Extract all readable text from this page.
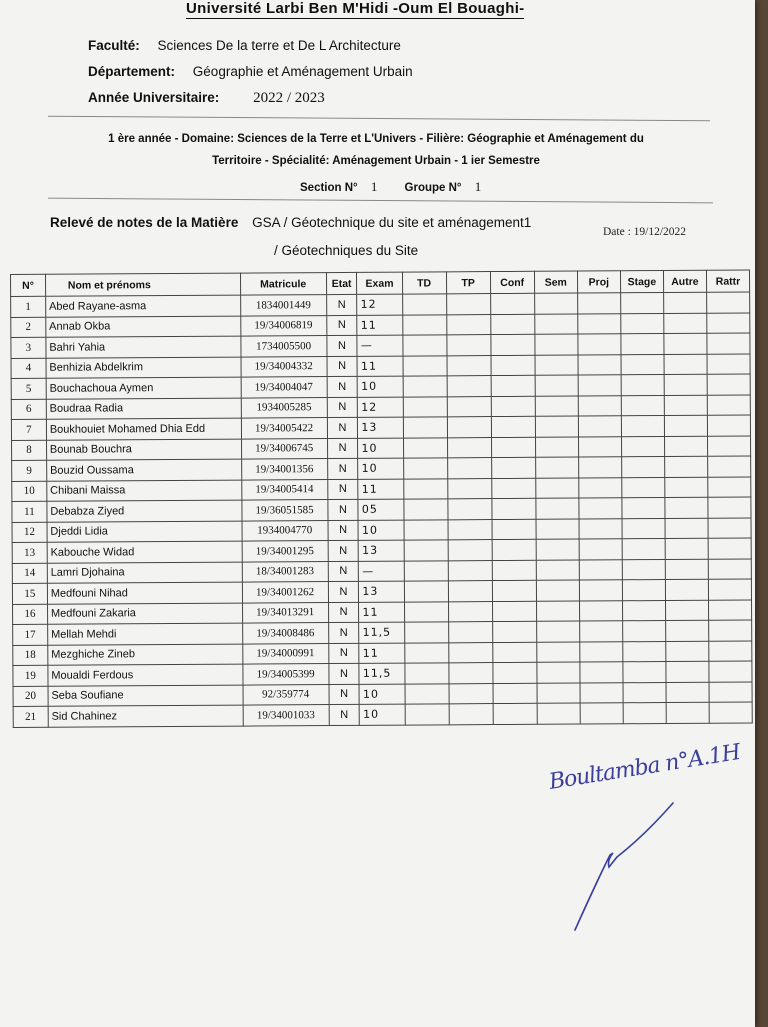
Université Larbi Ben M'Hidi -Oum El Bouaghi-
Faculté: Sciences De la terre et De L Architecture
Département: Géographie et Aménagement Urbain
Année Universitaire: 2022 / 2023
1 ère année - Domaine: Sciences de la Terre et L'Univers - Filière: Géographie et Aménagement du
Territoire - Spécialité: Aménagement Urbain - 1 ier Semestre
Section N° 1 Groupe N° 1
Relevé de notes de la Matière GSA / Géotechnique du site et aménagement1
Date : 19/12/2022
/ Géotechniques du Site
N°	Nom et prénoms	Matricule	Etat	Exam	TD	TP	Conf	Sem	Proj	Stage	Autre	Rattr
1	Abed Rayane-asma	1834001449	N	12								
2	Annab Okba	19/34006819	N	11								
3	Bahri Yahia	1734005500	N	—								
4	Benhizia Abdelkrim	19/34004332	N	11								
5	Bouchachoua Aymen	19/34004047	N	10								
6	Boudraa Radia	1934005285	N	12								
7	Boukhouiet Mohamed Dhia Edd	19/34005422	N	13								
8	Bounab Bouchra	19/34006745	N	10								
9	Bouzid Oussama	19/34001356	N	10								
10	Chibani Maissa	19/34005414	N	11								
11	Debabza Ziyed	19/36051585	N	05								
12	Djeddi Lidia	1934004770	N	10								
13	Kabouche Widad	19/34001295	N	13								
14	Lamri Djohaina	18/34001283	N	—								
15	Medfouni Nihad	19/34001262	N	13								
16	Medfouni Zakaria	19/34013291	N	11								
17	Mellah Mehdi	19/34008486	N	11,5								
18	Mezghiche Zineb	19/34000991	N	11								
19	Moualdi Ferdous	19/34005399	N	11,5								
20	Seba Soufiane	92/359774	N	10								
21	Sid Chahinez	19/34001033	N	10								
Boultamba n°A.1H
